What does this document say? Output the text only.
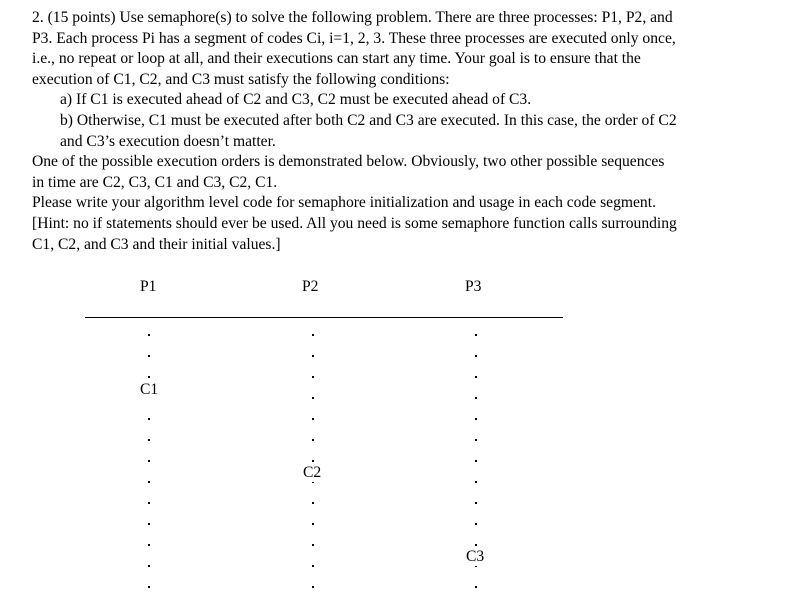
2. (15 points) Use semaphore(s) to solve the following problem. There are three processes: P1, P2, and
P3. Each process Pi has a segment of codes Ci, i=1, 2, 3. These three processes are executed only once,
i.e., no repeat or loop at all, and their executions can start any time. Your goal is to ensure that the
execution of C1, C2, and C3 must satisfy the following conditions:
a) If C1 is executed ahead of C2 and C3, C2 must be executed ahead of C3.
b) Otherwise, C1 must be executed after both C2 and C3 are executed. In this case, the order of C2
and C3’s execution doesn’t matter.
One of the possible execution orders is demonstrated below. Obviously, two other possible sequences
in time are C2, C3, C1 and C3, C2, C1.
Please write your algorithm level code for semaphore initialization and usage in each code segment.
[Hint: no if statements should ever be used. All you need is some semaphore function calls surrounding
C1, C2, and C3 and their initial values.]
P1	P2	P3
C1
C2
C3
